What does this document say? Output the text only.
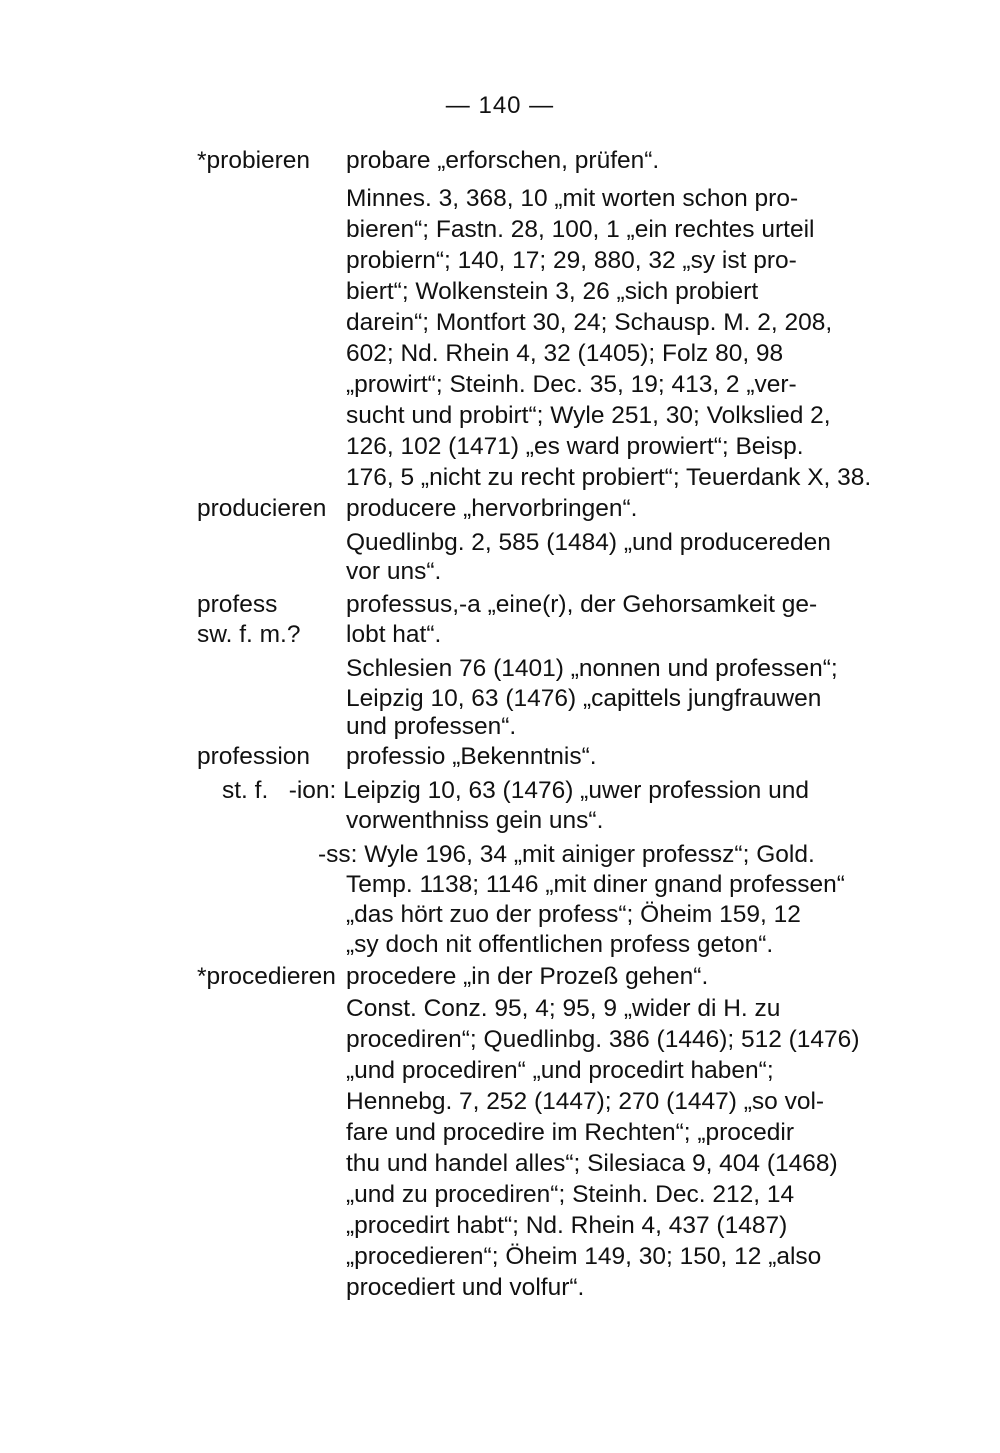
— 140 —
*probieren probare „erforschen, prüfen“.
Minnes. 3, 368, 10 „mit worten schon pro-
bieren“; Fastn. 28, 100, 1 „ein rechtes urteil
probiern“; 140, 17; 29, 880, 32 „sy ist pro-
biert“; Wolkenstein 3, 26 „sich probiert
darein“; Montfort 30, 24; Schausp. M. 2, 208,
602; Nd. Rhein 4, 32 (1405); Folz 80, 98
„prowirt“; Steinh. Dec. 35, 19; 413, 2 „ver-
sucht und probirt“; Wyle 251, 30; Volkslied 2,
126, 102 (1471) „es ward prowiert“; Beisp.
176, 5 „nicht zu recht probiert“; Teuerdank X, 38.
producieren producere „hervorbringen“.
Quedlinbg. 2, 585 (1484) „und producereden
vor uns“.
profess
sw. f. m.?
professus,-a „eine(r), der Gehorsamkeit ge-
lobt hat“.
Schlesien 76 (1401) „nonnen und professen“;
Leipzig 10, 63 (1476) „capittels jungfrauwen
und professen“.
profession professio „Bekenntnis“.
st. f.   -ion: Leipzig 10, 63 (1476) „uwer profession und
vorwenthniss gein uns“.
-ss: Wyle 196, 34 „mit ainiger professz“; Gold.
Temp. 1138; 1146 „mit diner gnand professen“
„das hört zuo der profess“; Öheim 159, 12
„sy doch nit offentlichen profess geton“.
*procedieren procedere „in der Prozeß gehen“.
Const. Conz. 95, 4; 95, 9 „wider di H. zu
procediren“; Quedlinbg. 386 (1446); 512 (1476)
„und procediren“ „und procedirt haben“;
Hennebg. 7, 252 (1447); 270 (1447) „so vol-
fare und procedire im Rechten“; „procedir
thu und handel alles“; Silesiaca 9, 404 (1468)
„und zu procediren“; Steinh. Dec. 212, 14
„procedirt habt“; Nd. Rhein 4, 437 (1487)
„procedieren“; Öheim 149, 30; 150, 12 „also
procediert und volfur“.
